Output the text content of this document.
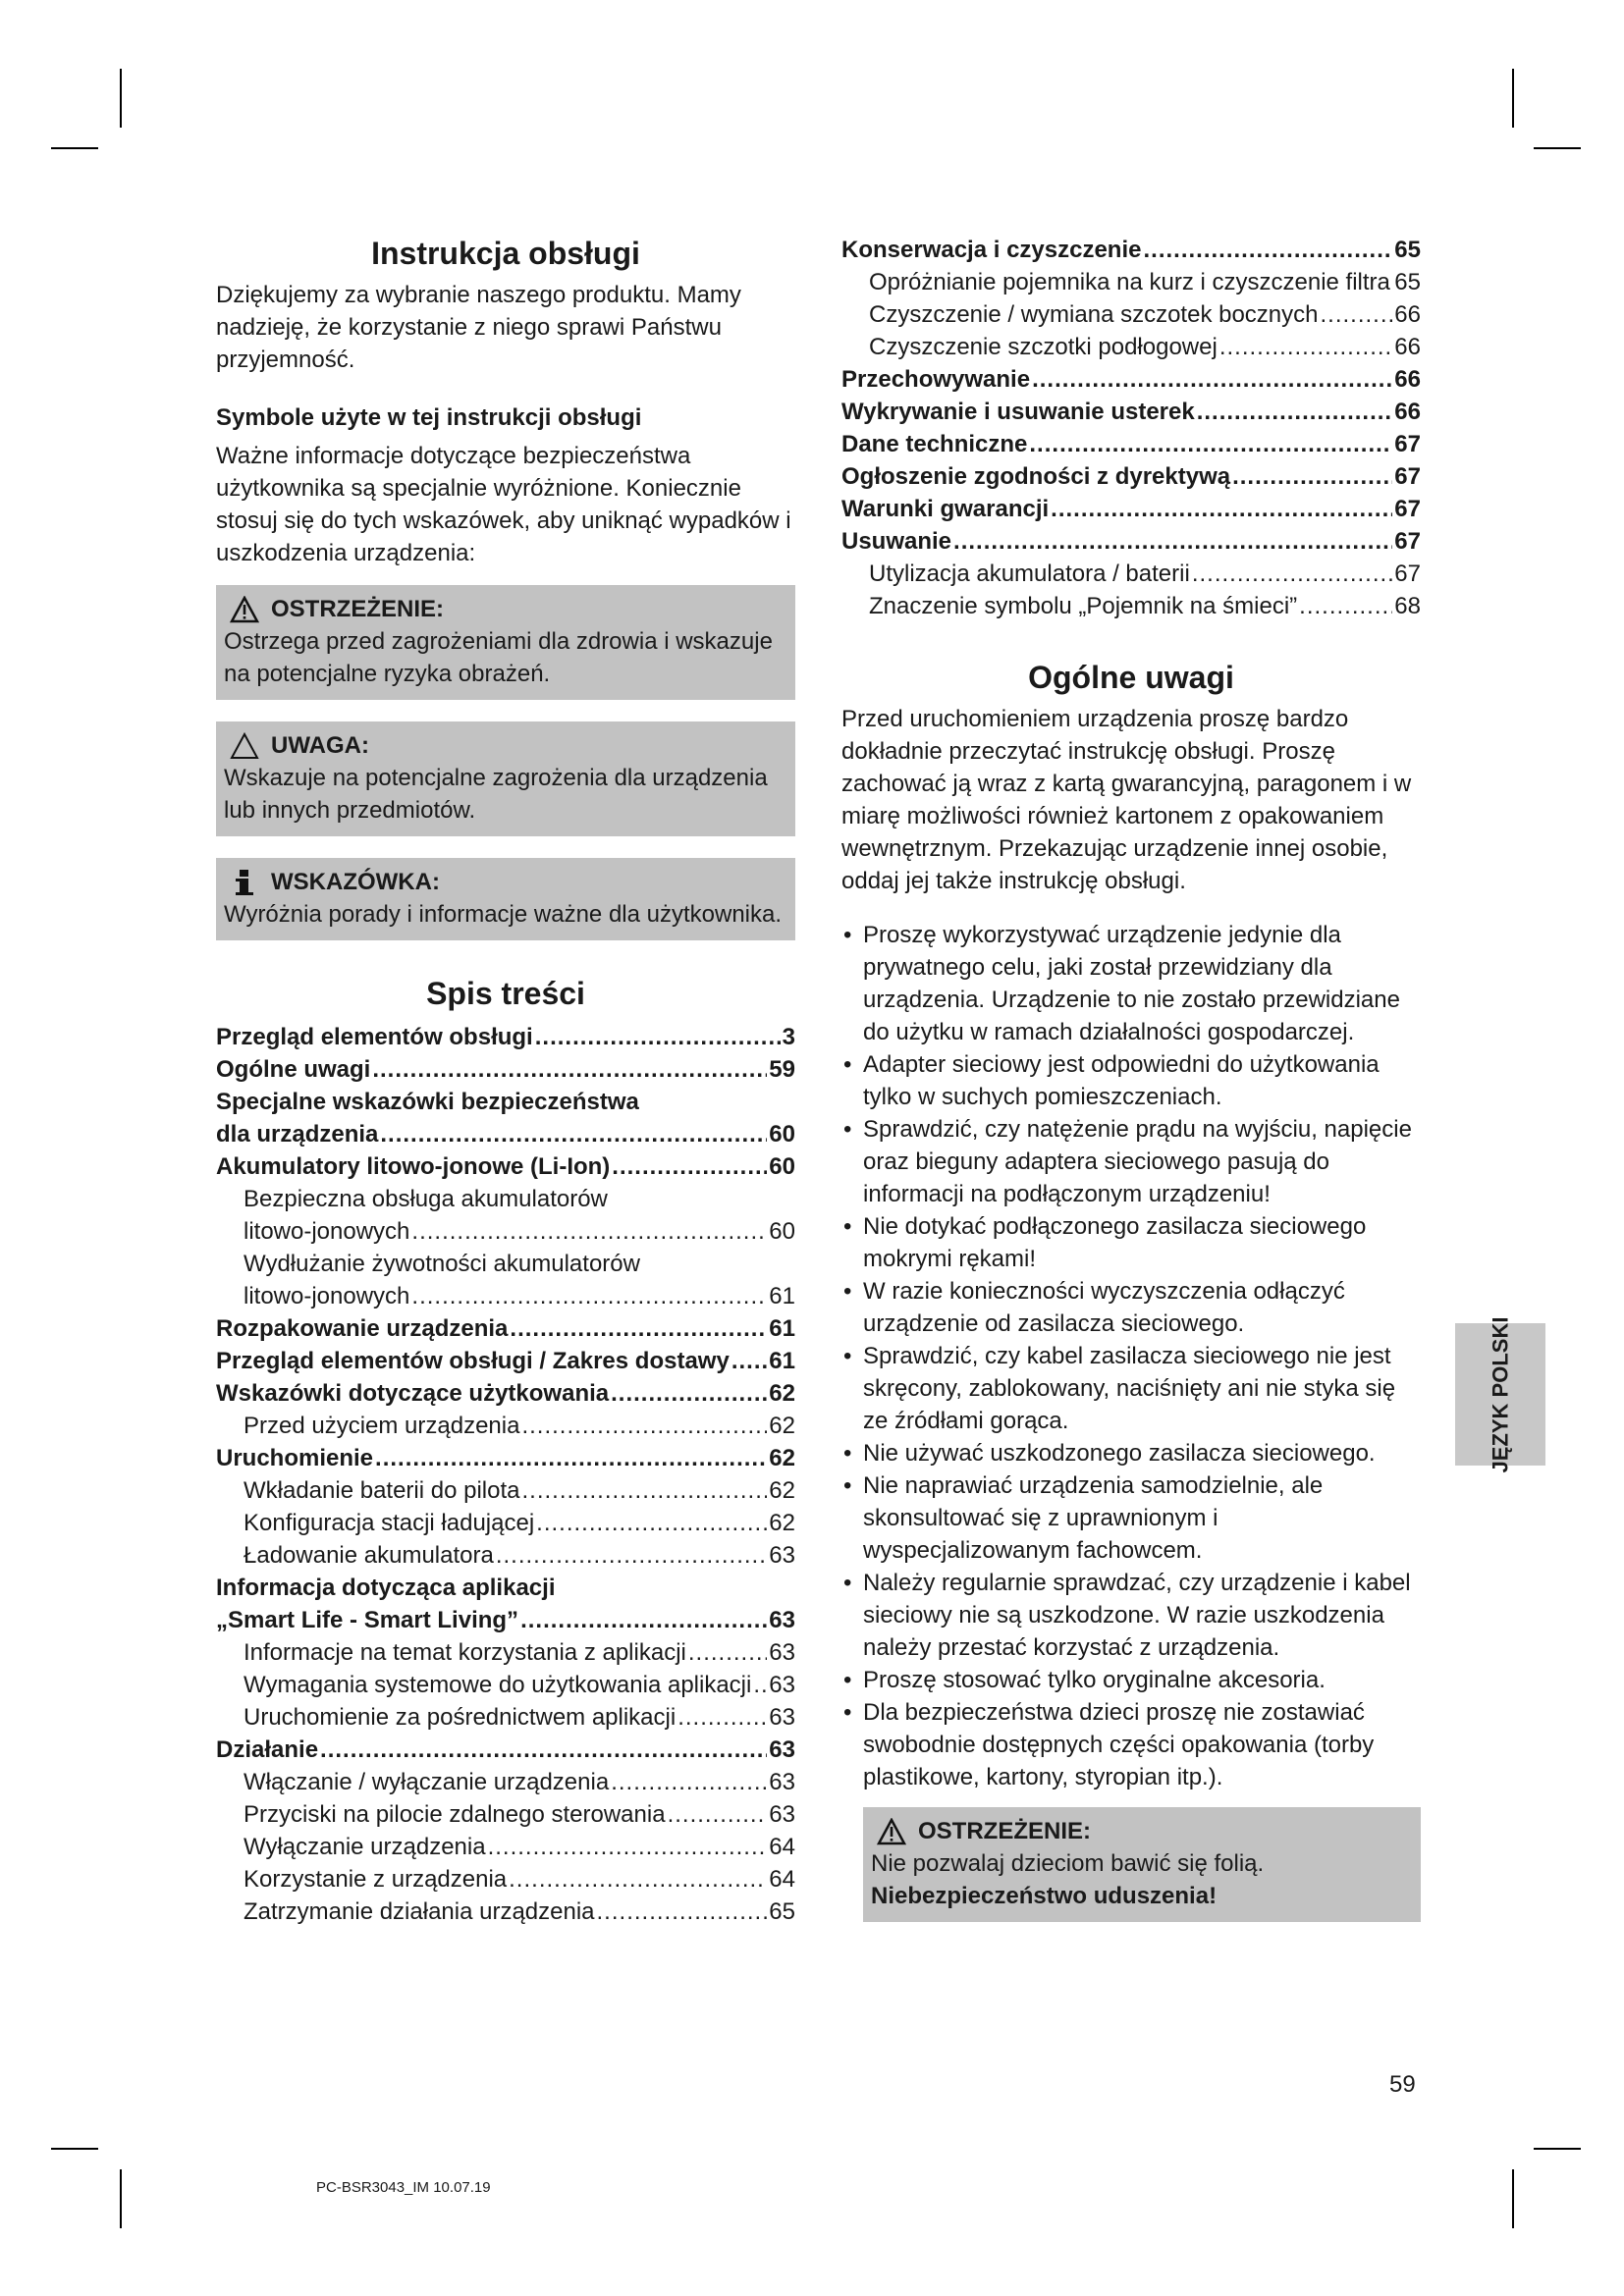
Instrukcja obsługi

Dziękujemy za wybranie naszego produktu. Mamy nadzieję, że korzystanie z niego sprawi Państwu przyjemność.

Symbole użyte w tej instrukcji obsługi

Ważne informacje dotyczące bezpieczeństwa użytkownika są specjalnie wyróżnione. Koniecznie stosuj się do tych wskazówek, aby uniknąć wypadków i uszkodzenia urządzenia:

OSTRZEŻENIE:

Ostrzega przed zagrożeniami dla zdrowia i wskazuje na potencjalne ryzyka obrażeń.

UWAGA:

Wskazuje na potencjalne zagrożenia dla urządzenia lub innych przedmiotów.

WSKAZÓWKA:

Wyróżnia porady i informacje ważne dla użytkownika.

Spis treści
Przegląd elementów obsługi .....	3
Ogólne uwagi .....	59
Specjalne wskazówki bezpieczeństwa
dla urządzenia .....	60
Akumulatory litowo-jonowe (Li-Ion) .....	60
Bezpieczna obsługa akumulatorów
litowo-jonowych .....	60
Wydłużanie żywotności akumulatorów
litowo-jonowych .....	61
Rozpakowanie urządzenia .....	61
Przegląd elementów obsługi / Zakres dostawy ..... 61
Wskazówki dotyczące użytkowania .....	62
Przed użyciem urządzenia .....	62
Uruchomienie .....	62
Wkładanie baterii do pilota .....	62
Konfiguracja stacji ładującej .....	62
Ładowanie akumulatora .....	63
Informacja dotycząca aplikacji
„Smart Life - Smart Living” .....	63
Informacje na temat korzystania z aplikacji .....	63
Wymagania systemowe do użytkowania aplikacji ..... 63
Uruchomienie za pośrednictwem aplikacji .....	63
Działanie .....	63
Włączanie / wyłączanie urządzenia .....	63
Przyciski na pilocie zdalnego sterowania .....	63
Wyłączanie urządzenia .....	64
Korzystanie z urządzenia .....	64
Zatrzymanie działania urządzenia .....	65
Konserwacja i czyszczenie .....	65
Opróżnianie pojemnika na kurz i czyszczenie filtra ..... 65
Czyszczenie / wymiana szczotek bocznych .....	66
Czyszczenie szczotki podłogowej .....	66
Przechowywanie .....	66
Wykrywanie i usuwanie usterek .....	66
Dane techniczne .....	67
Ogłoszenie zgodności z dyrektywą .....	67
Warunki gwarancji .....	67
Usuwanie .....	67
Utylizacja akumulatora / baterii .....	67
Znaczenie symbolu „Pojemnik na śmieci” .....	68
Ogólne uwagi

Przed uruchomieniem urządzenia proszę bardzo dokładnie przeczytać instrukcję obsługi. Proszę zachować ją wraz z kartą gwarancyjną, paragonem i w miarę możliwości również kartonem z opakowaniem wewnętrznym. Przekazując urządzenie innej osobie, oddaj jej także instrukcję obsługi.

• Proszę wykorzystywać urządzenie jedynie dla prywatnego celu, jaki został przewidziany dla urządzenia. Urządzenie to nie zostało przewidziane do użytku w ramach działalności gospodarczej.
• Adapter sieciowy jest odpowiedni do użytkowania tylko w suchych pomieszczeniach.
• Sprawdzić, czy natężenie prądu na wyjściu, napięcie oraz bieguny adaptera sieciowego pasują do informacji na podłączonym urządzeniu!
• Nie dotykać podłączonego zasilacza sieciowego mokrymi rękami!
• W razie konieczności wyczyszczenia odłączyć urządzenie od zasilacza sieciowego.
• Sprawdzić, czy kabel zasilacza sieciowego nie jest skręcony, zablokowany, naciśnięty ani nie styka się ze źródłami gorąca.
• Nie używać uszkodzonego zasilacza sieciowego.
• Nie naprawiać urządzenia samodzielnie, ale skonsultować się z uprawnionym i wyspecjalizowanym fachowcem.
• Należy regularnie sprawdzać, czy urządzenie i kabel sieciowy nie są uszkodzone. W razie uszkodzenia należy przestać korzystać z urządzenia.
• Proszę stosować tylko oryginalne akcesoria.
• Dla bezpieczeństwa dzieci proszę nie zostawiać swobodnie dostępnych części opakowania (torby plastikowe, kartony, styropian itp.).
OSTRZEŻENIE:

Nie pozwalaj dzieciom bawić się folią. Niebezpieczeństwo uduszenia!

JĘZYK POLSKI
59
PC-BSR3043_IM 10.07.19
